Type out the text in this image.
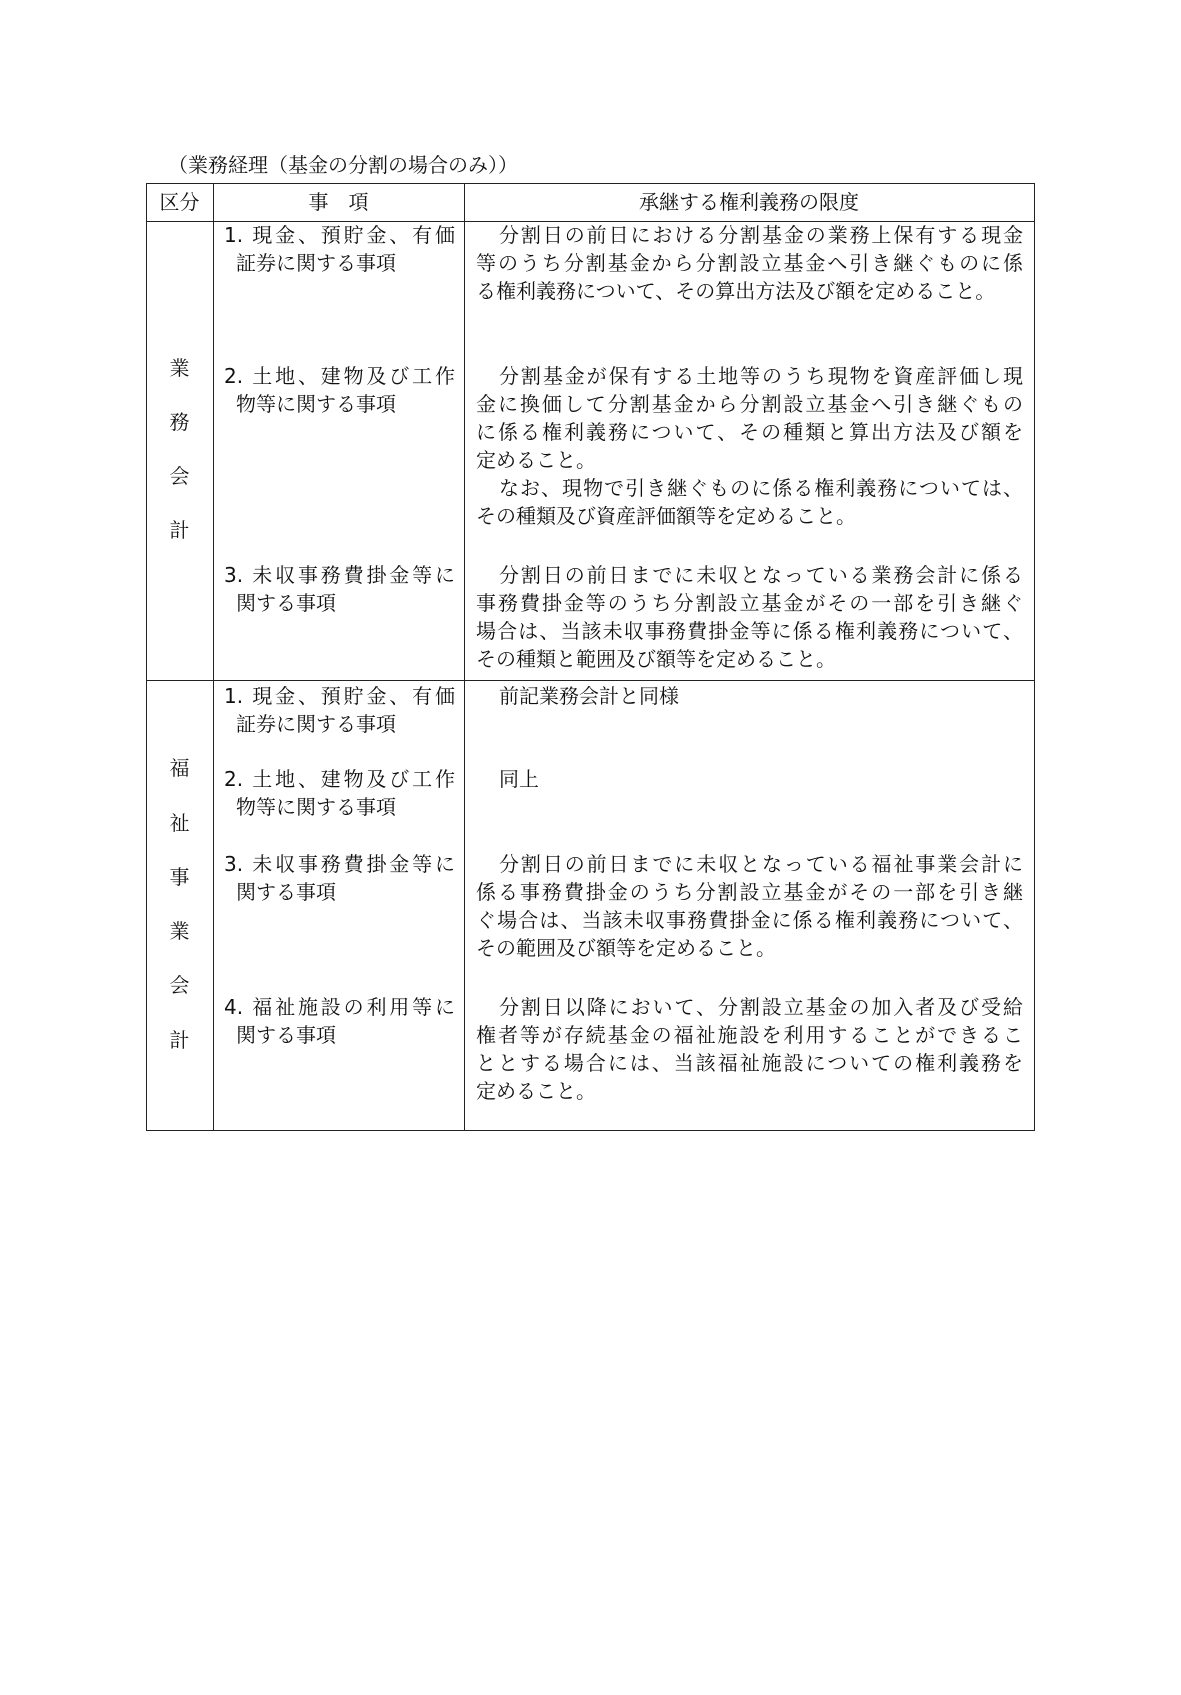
（業務経理（基金の分割の場合のみ））
区分	事　項	承継する権利義務の限度
業
務
会
計
1. 現金、預貯金、有価
証券に関する事項
分割日の前日における分割基金の業務上保有する現金
等のうち分割基金から分割設立基金へ引き継ぐものに係
る権利義務について、その算出方法及び額を定めること。
2. 土地、建物及び工作
物等に関する事項
分割基金が保有する土地等のうち現物を資産評価し現
金に換価して分割基金から分割設立基金へ引き継ぐもの
に係る権利義務について、その種類と算出方法及び額を
定めること。
なお、現物で引き継ぐものに係る権利義務については、
その種類及び資産評価額等を定めること。
3. 未収事務費掛金等に
関する事項
分割日の前日までに未収となっている業務会計に係る
事務費掛金等のうち分割設立基金がその一部を引き継ぐ
場合は、当該未収事務費掛金等に係る権利義務について、
その種類と範囲及び額等を定めること。
福
祉
事
業
会
計
1. 現金、預貯金、有価
証券に関する事項
前記業務会計と同様
2. 土地、建物及び工作
物等に関する事項
同上
3. 未収事務費掛金等に
関する事項
分割日の前日までに未収となっている福祉事業会計に
係る事務費掛金のうち分割設立基金がその一部を引き継
ぐ場合は、当該未収事務費掛金に係る権利義務について、
その範囲及び額等を定めること。
4. 福祉施設の利用等に
関する事項
分割日以降において、分割設立基金の加入者及び受給
権者等が存続基金の福祉施設を利用することができるこ
ととする場合には、当該福祉施設についての権利義務を
定めること。
